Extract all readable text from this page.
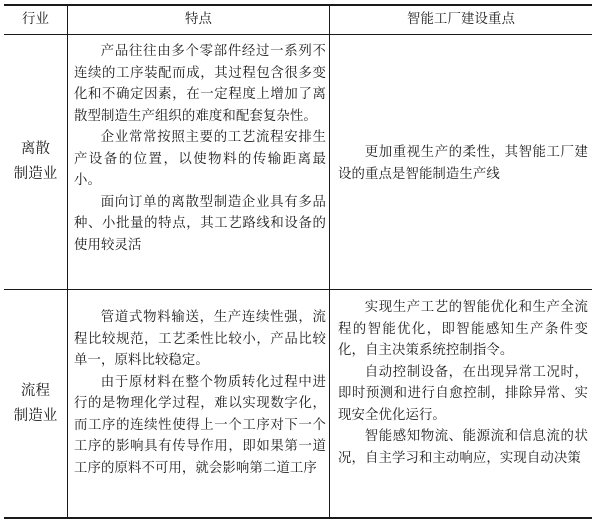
行业	特点	智能工厂建设重点
离散
制造业

产品往往由多个零部件经过一系列不连续的工序装配而成，其过程包含很多变化和不确定因素，在一定程度上增加了离散型制造生产组织的难度和配套复杂性。

企业常常按照主要的工艺流程安排生产设备的位置，以使物料的传输距离最小。

面向订单的离散型制造企业具有多品种、小批量的特点，其工艺路线和设备的使用较灵活

更加重视生产的柔性，其智能工厂建设的重点是智能制造生产线

流程
制造业

管道式物料输送，生产连续性强，流程比较规范，工艺柔性比较小，产品比较单一，原料比较稳定。

由于原材料在整个物质转化过程中进行的是物理化学过程，难以实现数字化，而工序的连续性使得上一个工序对下一个工序的影响具有传导作用，即如果第一道工序的原料不可用，就会影响第二道工序

实现生产工艺的智能优化和生产全流程的智能优化，即智能感知生产条件变化，自主决策系统控制指令。

自动控制设备，在出现异常工况时，即时预测和进行自愈控制，排除异常、实现安全优化运行。

智能感知物流、能源流和信息流的状况，自主学习和主动响应，实现自动决策
